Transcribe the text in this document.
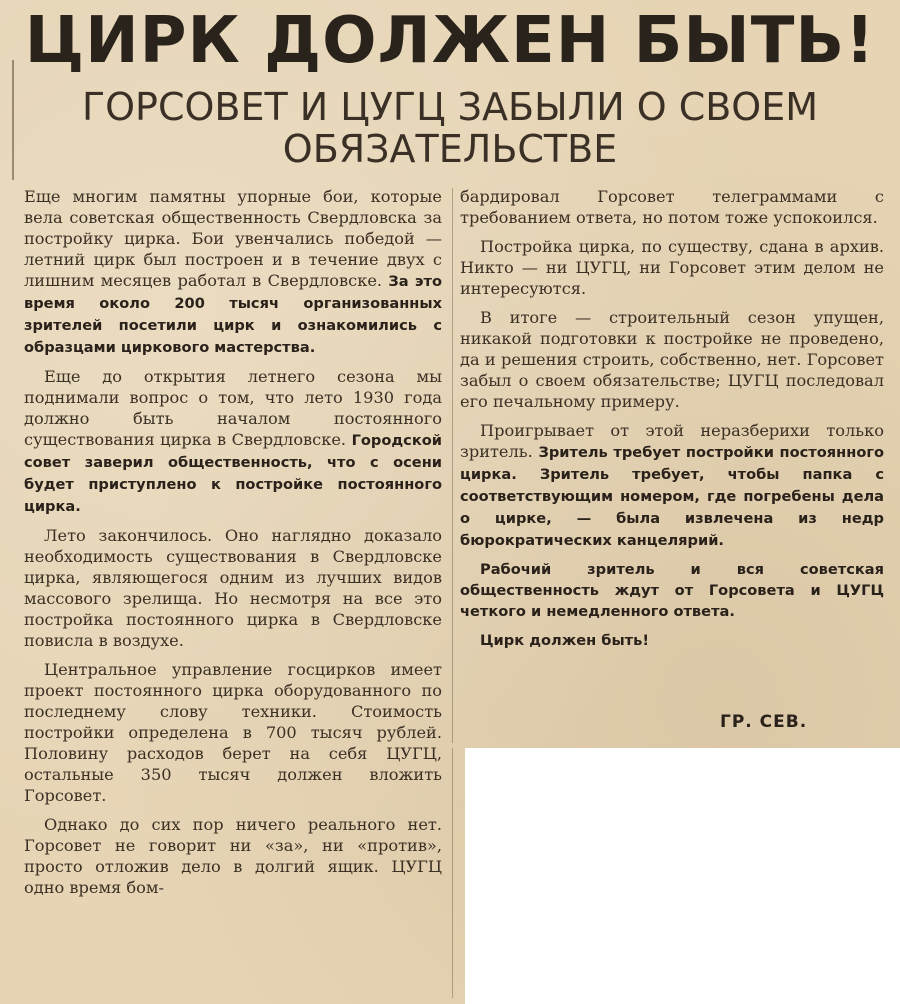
ЦИРК ДОЛЖЕН БЫТЬ!
ГОРСОВЕТ И ЦУГЦ ЗАБЫЛИ О СВОЕМ
ОБЯЗАТЕЛЬСТВЕ

Еще многим памятны упорные бои, которые вела советская общественность Свердловска за постройку цирка. Бои увенчались победой — летний цирк был построен и в течение двух с лишним месяцев работал в Свердловске. За это время около 200 тысяч организованных зрителей посетили цирк и ознакомились с образцами циркового мастерства.

Еще до открытия летнего сезона мы поднимали вопрос о том, что лето 1930 года должно быть началом постоянного существования цирка в Свердловске. Городской совет заверил общественность, что с осени будет приступлено к постройке постоянного цирка.

Лето закончилось. Оно наглядно доказало необходимость существования в Свердловске цирка, являющегося одним из лучших видов массового зрелища. Но несмотря на все это постройка постоянного цирка в Свердловске повисла в воздухе.

Центральное управление госцирков имеет проект постоянного цирка оборудованного по последнему слову техники. Стоимость постройки определена в 700 тысяч рублей. Половину расходов берет на себя ЦУГЦ, остальные 350 тысяч должен вложить Горсовет.

Однако до сих пор ничего реального нет. Горсовет не говорит ни «за», ни «против», просто отложив дело в долгий ящик. ЦУГЦ одно время бом-

бардировал Горсовет телеграммами с требованием ответа, но потом тоже успокоился.

Постройка цирка, по существу, сдана в архив. Никто — ни ЦУГЦ, ни Горсовет этим делом не интересуются.

В итоге — строительный сезон упущен, никакой подготовки к постройке не проведено, да и решения строить, собственно, нет. Горсовет забыл о своем обязательстве; ЦУГЦ последовал его печальному примеру.

Проигрывает от этой неразберихи только зритель. Зритель требует постройки постоянного цирка. Зритель требует, чтобы папка с соответствующим номером, где погребены дела о цирке, — была извлечена из недр бюрократических канцелярий.

Рабочий зритель и вся советская общественность ждут от Горсовета и ЦУГЦ четкого и немедленного ответа.

Цирк должен быть!

ГР. СЕВ.
